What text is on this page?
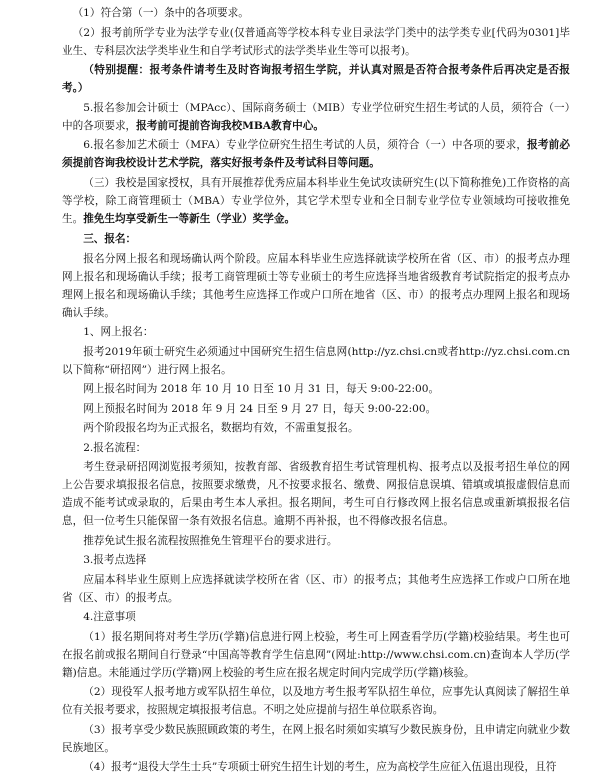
（1）符合第（一）条中的各项要求。

（2）报考前所学专业为法学专业(仅普通高等学校本科专业目录法学门类中的法学类专业[代码为0301]毕业生、专科层次法学类毕业生和自学考试形式的法学类毕业生等可以报考)。

（特别提醒：报考条件请考生及时咨询报考招生学院，并认真对照是否符合报考条件后再决定是否报考。）

5.报名参加会计硕士（MPAcc）、国际商务硕士（MIB）专业学位研究生招生考试的人员，须符合（一）中的各项要求，报考前可提前咨询我校MBA教育中心。

6.报名参加艺术硕士（MFA）专业学位研究生招生考试的人员，须符合（一）中各项的要求，报考前必须提前咨询我校设计艺术学院，落实好报考条件及考试科目等问题。

（三）我校是国家授权，具有开展推荐优秀应届本科毕业生免试攻读研究生(以下简称推免)工作资格的高等学校，除工商管理硕士（MBA）专业学位外，其它学术型专业和全日制专业学位专业领域均可接收推免生。推免生均享受新生一等新生（学业）奖学金。

三、报名：

报名分网上报名和现场确认两个阶段。应届本科毕业生应选择就读学校所在省（区、市）的报考点办理网上报名和现场确认手续；报考工商管理硕士等专业硕士的考生应选择当地省级教育考试院指定的报考点办理网上报名和现场确认手续；其他考生应选择工作或户口所在地省（区、市）的报考点办理网上报名和现场确认手续。

1、网上报名：

报考2019年硕士研究生必须通过中国研究生招生信息网(http://yz.chsi.cn或者http://yz.chsi.com.cn以下简称“研招网”）进行网上报名。

网上报名时间为 2018 年 10 月 10 日至 10 月 31 日，每天 9:00-22:00。

网上预报名时间为 2018 年 9 月 24 日至 9 月 27 日，每天 9:00-22:00。

两个阶段报名均为正式报名，数据均有效，不需重复报名。

2.报名流程：

考生登录研招网浏览报考须知，按教育部、省级教育招生考试管理机构、报考点以及报考招生单位的网上公告要求填报报名信息，按照要求缴费，凡不按要求报名、缴费、网报信息误填、错填或填报虚假信息而造成不能考试或录取的，后果由考生本人承担。报名期间，考生可自行修改网上报名信息或重新填报报名信息，但一位考生只能保留一条有效报名信息。逾期不再补报，也不得修改报名信息。

推荐免试生报名流程按照推免生管理平台的要求进行。

3.报考点选择

应届本科毕业生原则上应选择就读学校所在省（区、市）的报考点；其他考生应选择工作或户口所在地省（区、市）的报考点。

4.注意事项

（1）报名期间将对考生学历(学籍)信息进行网上校验，考生可上网查看学历(学籍)校验结果。考生也可在报名前或报名期间自行登录“中国高等教育学生信息网”(网址:http://www.chsi.com.cn)查询本人学历(学籍)信息。未能通过学历(学籍)网上校验的考生应在报名规定时间内完成学历(学籍)核验。

（2）现役军人报考地方或军队招生单位，以及地方考生报考军队招生单位，应事先认真阅读了解招生单位有关报考要求，按照规定填报报考信息。不明之处应提前与招生单位联系咨询。

（3）报考享受少数民族照顾政策的考生，在网上报名时须如实填写少数民族身份，且申请定向就业少数民族地区。

（4）报考“退役大学生士兵”专项硕士研究生招生计划的考生，应为高校学生应征入伍退出现役，且符
